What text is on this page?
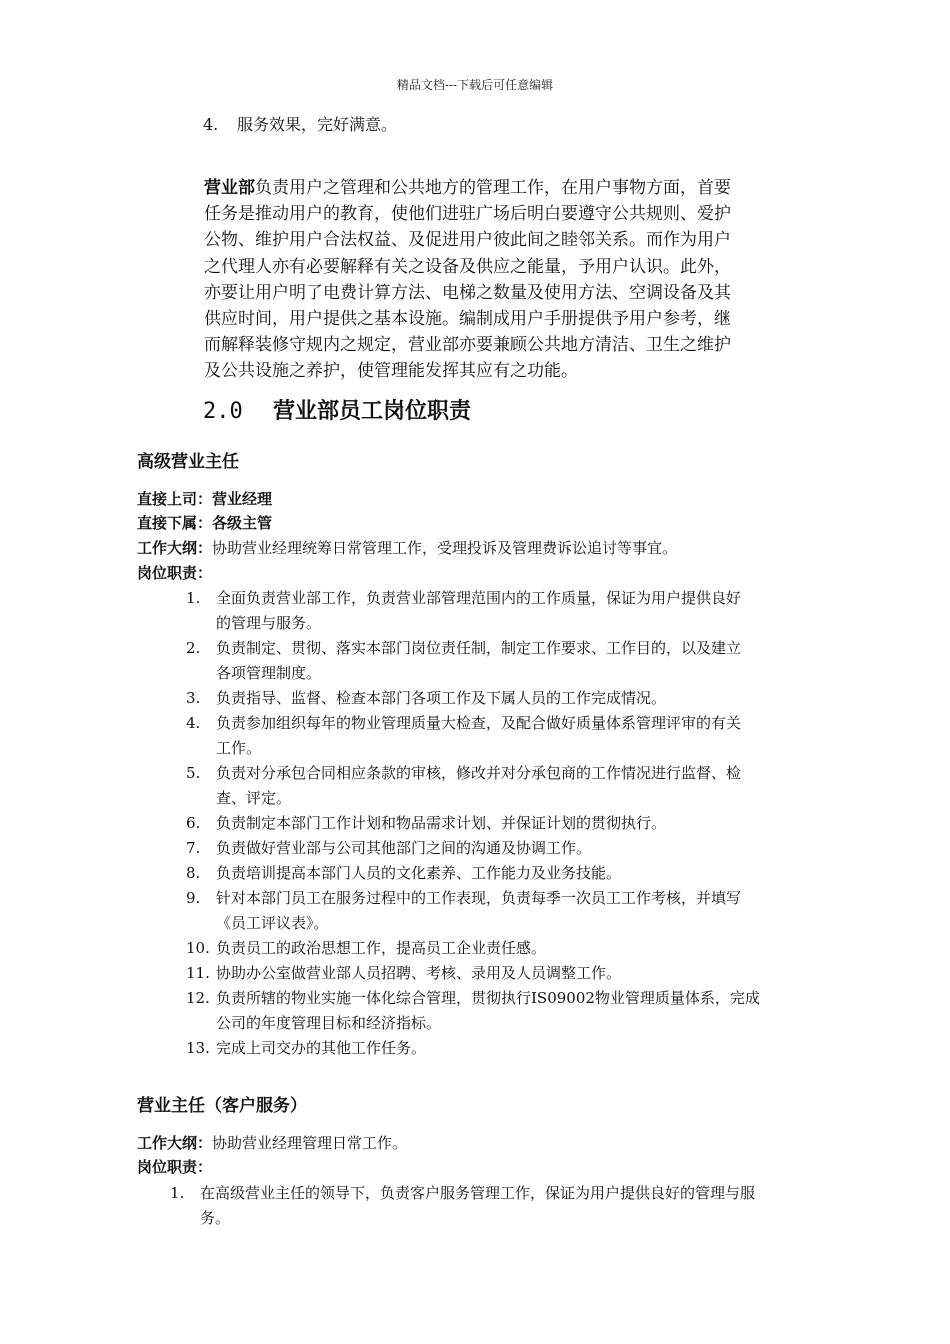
精品文档---下载后可任意编辑
4. 服务效果，完好满意。
营业部负责用户之管理和公共地方的管理工作，在用户事物方面，首要
任务是推动用户的教育，使他们进驻广场后明白要遵守公共规则、爱护
公物、维护用户合法权益、及促进用户彼此间之睦邻关系。而作为用户
之代理人亦有必要解释有关之设备及供应之能量，予用户认识。此外，
亦要让用户明了电费计算方法、电梯之数量及使用方法、空调设备及其
供应时间，用户提供之基本设施。编制成用户手册提供予用户参考，继
而解释装修守规内之规定，营业部亦要兼顾公共地方清洁、卫生之维护
及公共设施之养护，使管理能发挥其应有之功能。
2.0 营业部员工岗位职责
高级营业主任
直接上司：营业经理
直接下属：各级主管
工作大纲：协助营业经理统筹日常管理工作，受理投诉及管理费诉讼追讨等事宜。
岗位职责：
1.	全面负责营业部工作，负责营业部管理范围内的工作质量，保证为用户提供良好
的管理与服务。
2.	负责制定、贯彻、落实本部门岗位责任制，制定工作要求、工作目的，以及建立
各项管理制度。
3.	负责指导、监督、检查本部门各项工作及下属人员的工作完成情况。
4.	负责参加组织每年的物业管理质量大检查，及配合做好质量体系管理评审的有关
工作。
5.	负责对分承包合同相应条款的审核，修改并对分承包商的工作情况进行监督、检
查、评定。
6.	负责制定本部门工作计划和物品需求计划、并保证计划的贯彻执行。
7.	负责做好营业部与公司其他部门之间的沟通及协调工作。
8.	负责培训提高本部门人员的文化素养、工作能力及业务技能。
9.	针对本部门员工在服务过程中的工作表现，负责每季一次员工工作考核，并填写
《员工评议表》。
10. 负责员工的政治思想工作，提高员工企业责任感。
11. 协助办公室做营业部人员招聘、考核、录用及人员调整工作。
12. 负责所辖的物业实施一体化综合管理，贯彻执行IS09002物业管理质量体系，完成
公司的年度管理目标和经济指标。
13. 完成上司交办的其他工作任务。
营业主任（客户服务）
工作大纲：协助营业经理管理日常工作。
岗位职责：
1.	在高级营业主任的领导下，负责客户服务管理工作，保证为用户提供良好的管理与服
务。
